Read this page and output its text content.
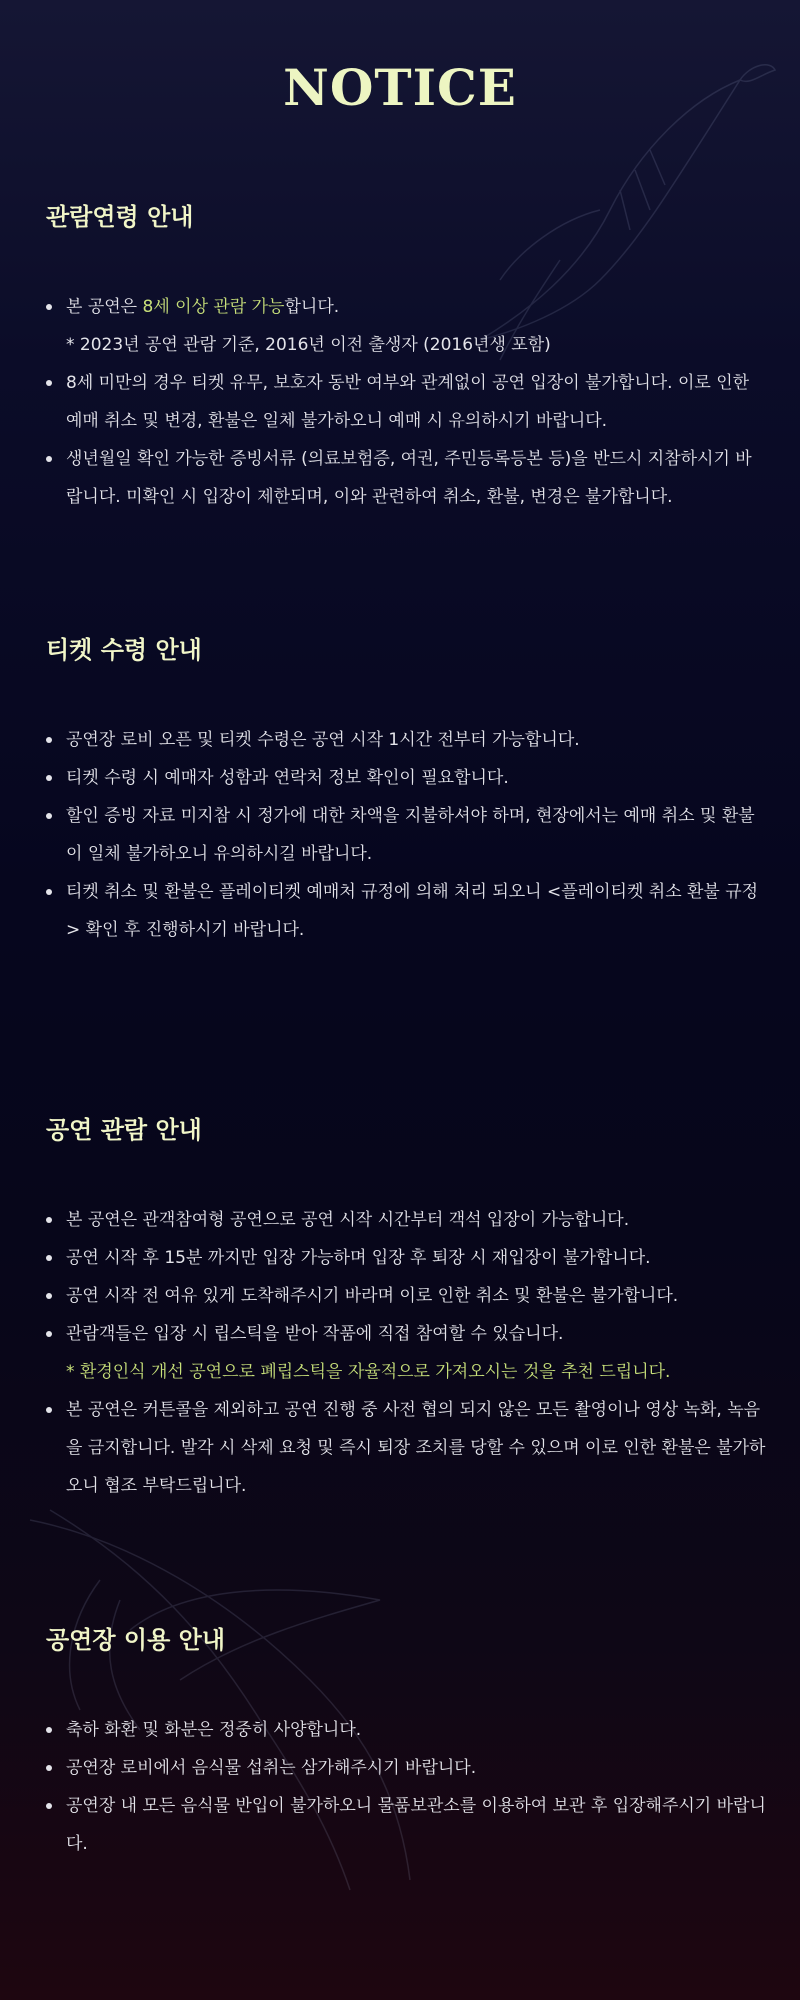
NOTICE
관람연령 안내
본 공연은 8세 이상 관람 가능합니다.
* 2023년 공연 관람 기준, 2016년 이전 출생자 (2016년생 포함)
8세 미만의 경우 티켓 유무, 보호자 동반 여부와 관계없이 공연 입장이 불가합니다. 이로 인한 예매 취소 및 변경, 환불은 일체 불가하오니 예매 시 유의하시기 바랍니다.
생년월일 확인 가능한 증빙서류 (의료보험증, 여권, 주민등록등본 등)을 반드시 지참하시기 바랍니다. 미확인 시 입장이 제한되며, 이와 관련하여 취소, 환불, 변경은 불가합니다.
티켓 수령 안내
공연장 로비 오픈 및 티켓 수령은 공연 시작 1시간 전부터 가능합니다.
티켓 수령 시 예매자 성함과 연락처 정보 확인이 필요합니다.
할인 증빙 자료 미지참 시 정가에 대한 차액을 지불하셔야 하며, 현장에서는 예매 취소 및 환불이 일체 불가하오니 유의하시길 바랍니다.
티켓 취소 및 환불은 플레이티켓 예매처 규정에 의해 처리 되오니 <플레이티켓 취소 환불 규정> 확인 후 진행하시기 바랍니다.
공연 관람 안내
본 공연은 관객참여형 공연으로 공연 시작 시간부터 객석 입장이 가능합니다.
공연 시작 후 15분 까지만 입장 가능하며 입장 후 퇴장 시 재입장이 불가합니다.
공연 시작 전 여유 있게 도착해주시기 바라며 이로 인한 취소 및 환불은 불가합니다.
관람객들은 입장 시 립스틱을 받아 작품에 직접 참여할 수 있습니다.
* 환경인식 개선 공연으로 폐립스틱을 자율적으로 가져오시는 것을 추천 드립니다.
본 공연은 커튼콜을 제외하고 공연 진행 중 사전 협의 되지 않은 모든 촬영이나 영상 녹화, 녹음을 금지합니다. 발각 시 삭제 요청 및 즉시 퇴장 조치를 당할 수 있으며 이로 인한 환불은 불가하오니 협조 부탁드립니다.
공연장 이용 안내
축하 화환 및 화분은 정중히 사양합니다.
공연장 로비에서 음식물 섭취는 삼가해주시기 바랍니다.
공연장 내 모든 음식물 반입이 불가하오니 물품보관소를 이용하여 보관 후 입장해주시기 바랍니다.
